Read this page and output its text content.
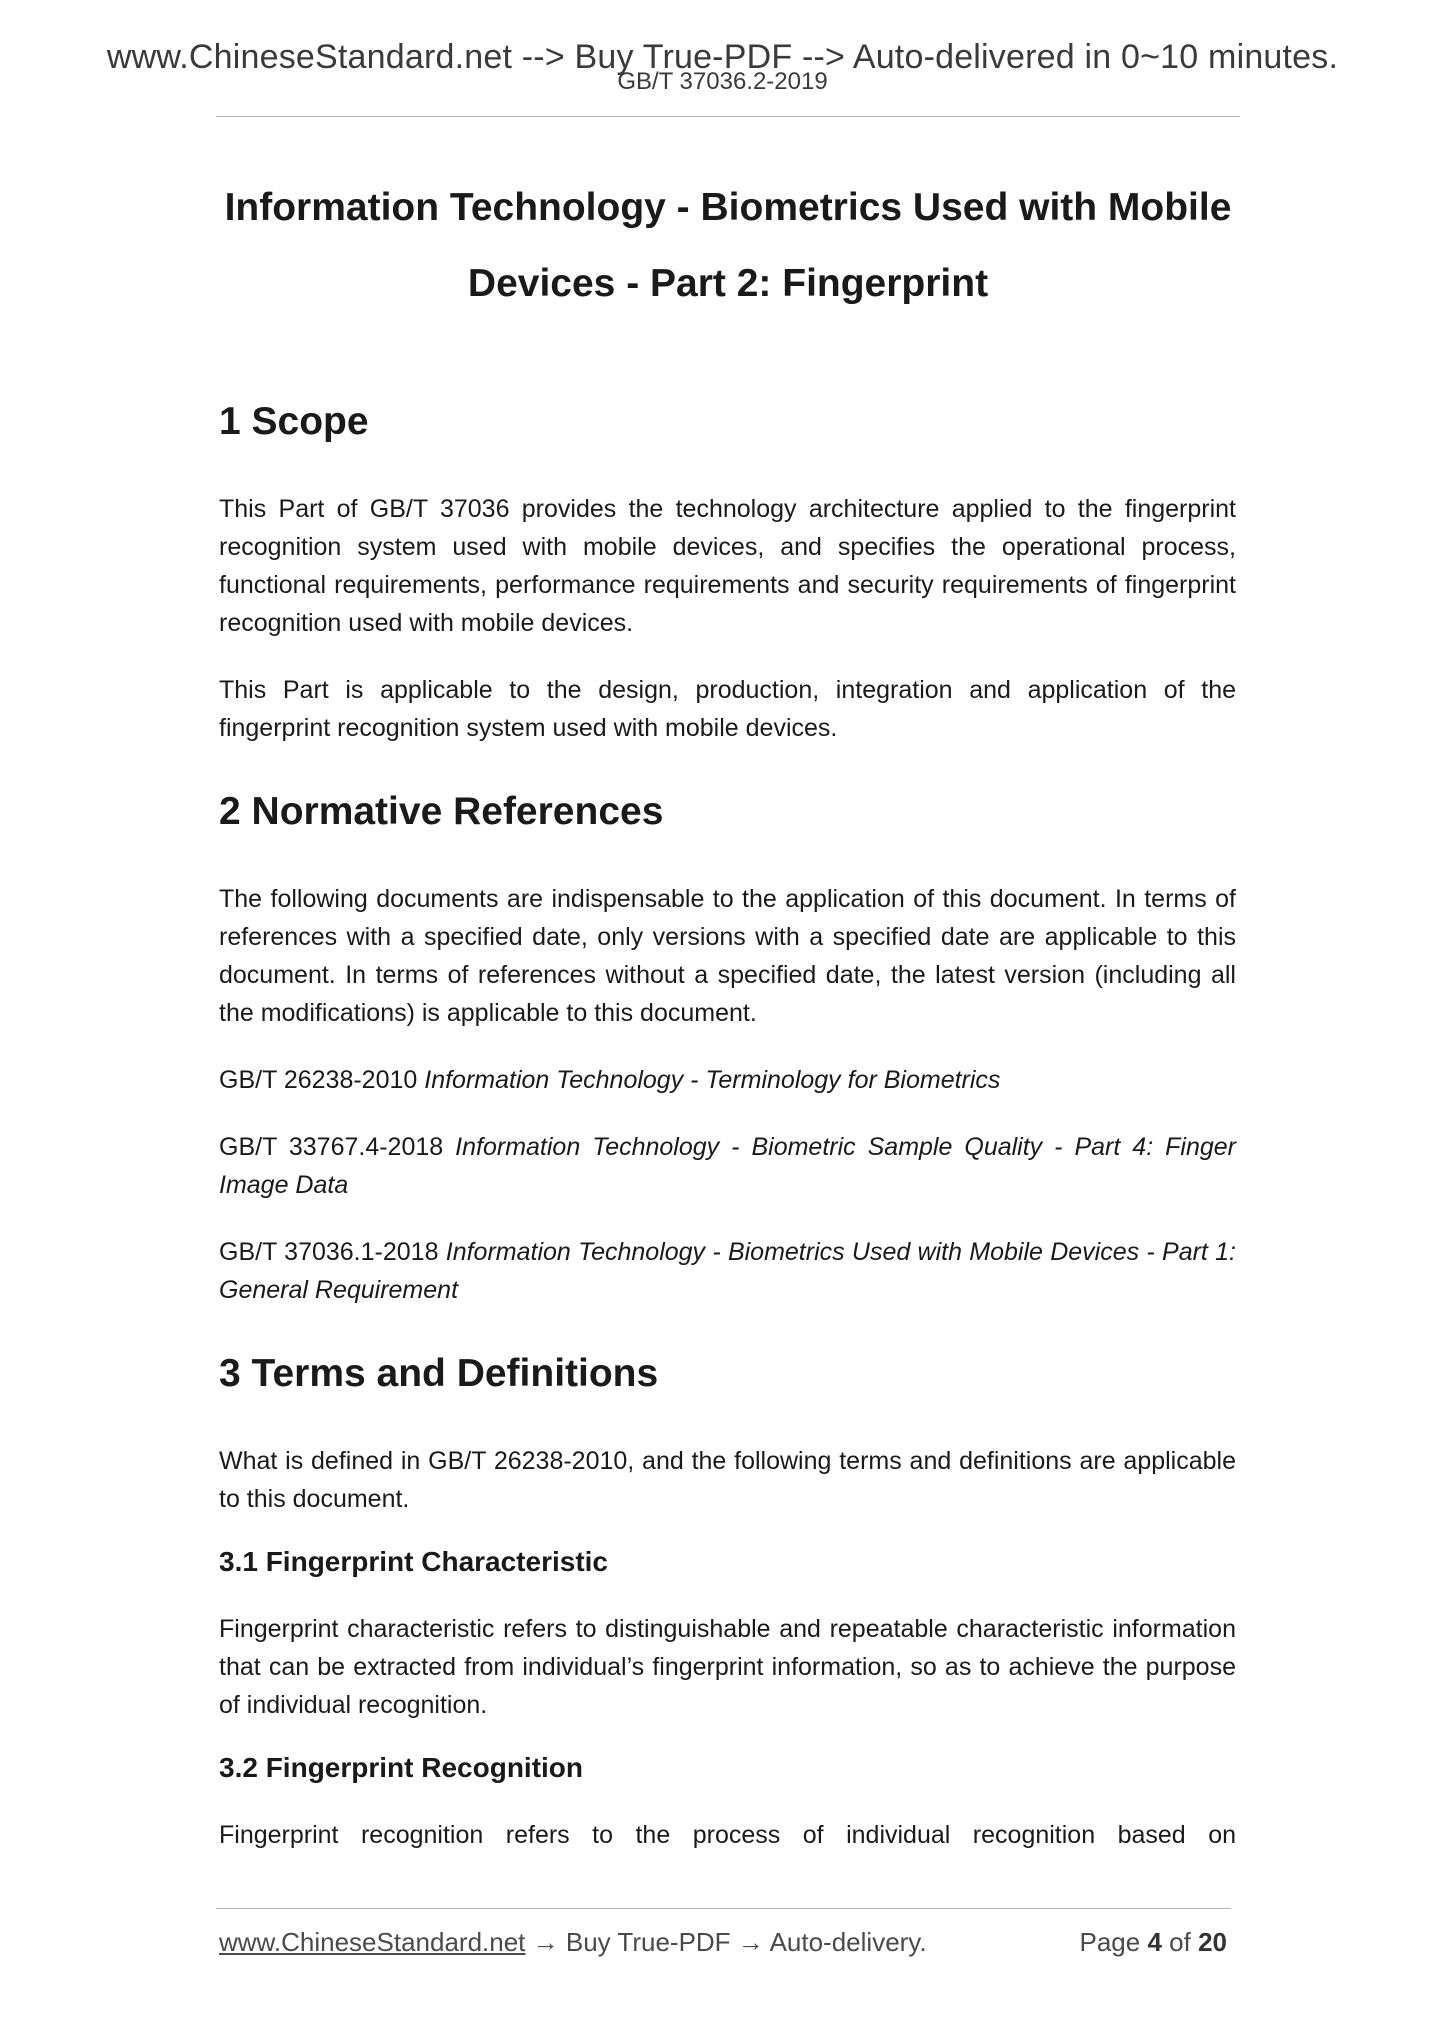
www.ChineseStandard.net --> Buy True-PDF --> Auto-delivered in 0~10 minutes.
GB/T 37036.2-2019
Information Technology - Biometrics Used with Mobile
Devices - Part 2: Fingerprint
1 Scope

This Part of GB/T 37036 provides the technology architecture applied to the fingerprint recognition system used with mobile devices, and specifies the operational process, functional requirements, performance requirements and security requirements of fingerprint recognition used with mobile devices.

This Part is applicable to the design, production, integration and application of the fingerprint recognition system used with mobile devices.

2 Normative References

The following documents are indispensable to the application of this document. In terms of references with a specified date, only versions with a specified date are applicable to this document. In terms of references without a specified date, the latest version (including all the modifications) is applicable to this document.

GB/T 26238-2010 Information Technology - Terminology for Biometrics

GB/T 33767.4-2018 Information Technology - Biometric Sample Quality - Part 4: Finger Image Data

GB/T 37036.1-2018 Information Technology - Biometrics Used with Mobile Devices - Part 1: General Requirement

3 Terms and Definitions

What is defined in GB/T 26238-2010, and the following terms and definitions are applicable to this document.

3.1 Fingerprint Characteristic

Fingerprint characteristic refers to distinguishable and repeatable characteristic information that can be extracted from individual’s fingerprint information, so as to achieve the purpose of individual recognition.

3.2 Fingerprint Recognition

Fingerprint recognition refers to the process of individual recognition based on

www.ChineseStandard.net → Buy True-PDF → Auto-delivery.	Page 4 of 20
